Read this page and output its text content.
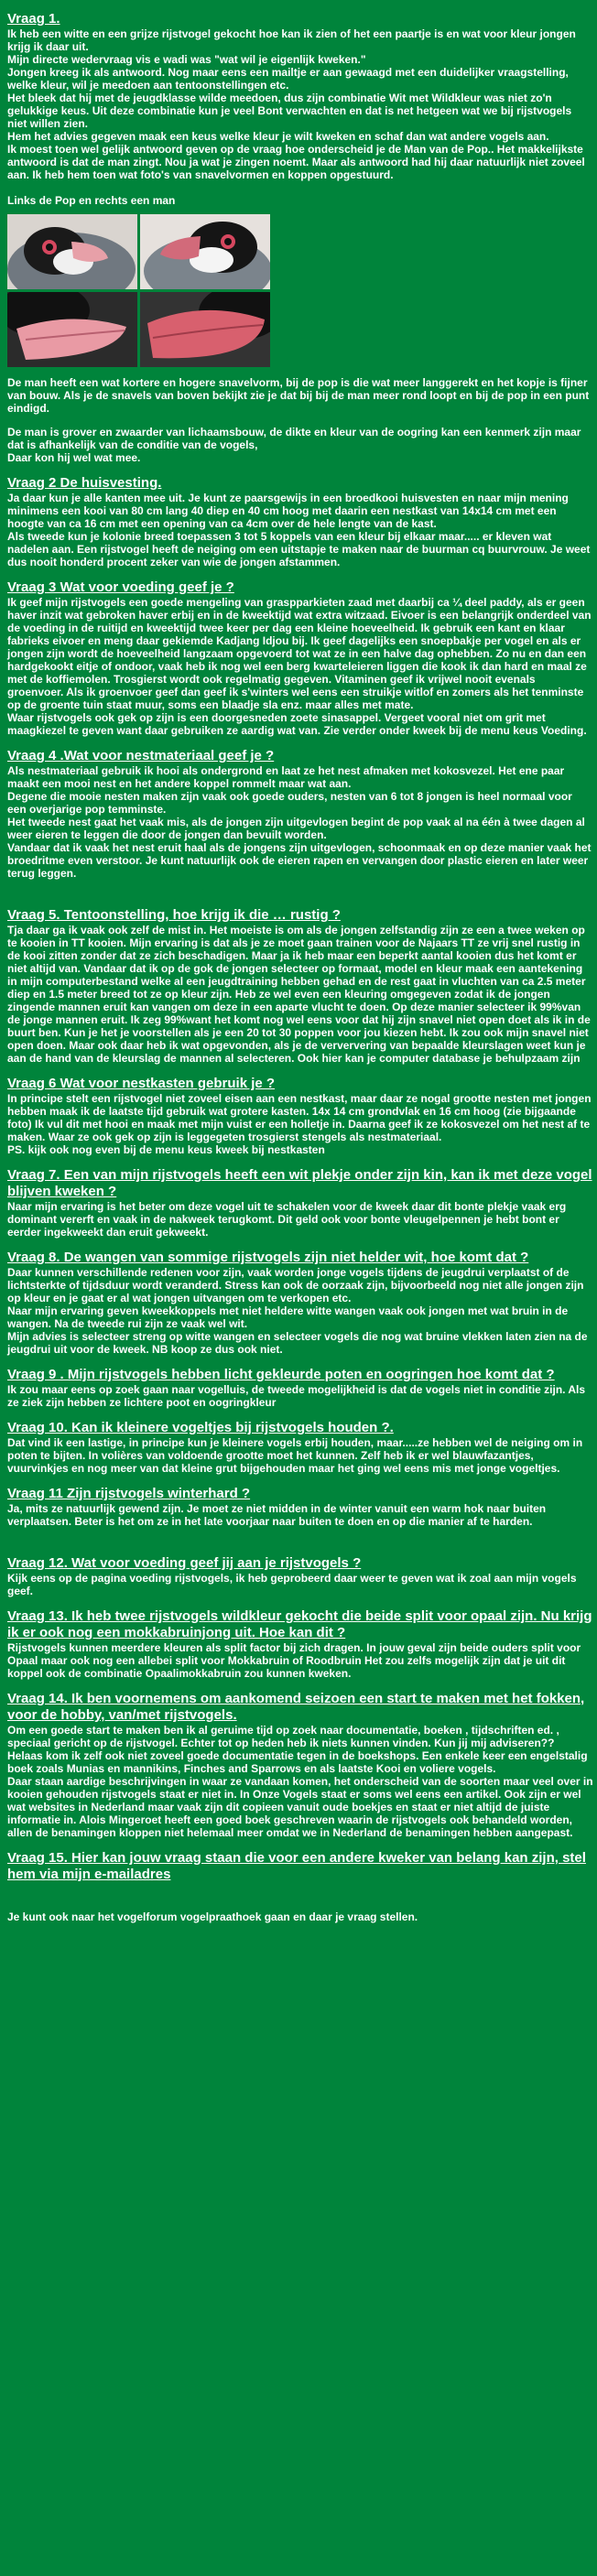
Vraag 1.

Ik heb een witte en een grijze rijstvogel gekocht hoe kan ik zien of het een paartje is en wat voor kleur jongen krijg ik daar uit.
Mijn directe wedervraag vis e wadi was "wat wil je eigenlijk kweken."
Jongen kreeg ik als antwoord. Nog maar eens een mailtje er aan gewaagd met een duidelijker vraagstelling, welke kleur, wil je meedoen aan tentoonstellingen etc.
Het bleek dat hij met de jeugdklasse wilde meedoen, dus zijn combinatie Wit met Wildkleur was niet zo'n gelukkige keus. Uit deze combinatie kun je veel Bont verwachten en dat is net hetgeen wat we bij rijstvogels niet willen zien.
Hem het advies gegeven maak een keus welke kleur je wilt kweken en schaf dan wat andere vogels aan.
Ik moest toen wel gelijk antwoord geven op de vraag hoe onderscheid je de Man van de Pop.. Het makkelijkste antwoord is dat de man zingt. Nou ja wat je zingen noemt. Maar als antwoord had hij daar natuurlijk niet zoveel aan. Ik heb hem toen wat foto's van snavelvormen en koppen opgestuurd.

Links de Pop en rechts een man

De man heeft een wat kortere en hogere snavelvorm, bij de pop is die wat meer langgerekt en het kopje is fijner van bouw. Als je de snavels van boven bekijkt zie je dat bij bij de man meer rond loopt en bij de pop in een punt eindigd.

De man is grover en zwaarder van lichaamsbouw, de dikte en kleur van de oogring kan een kenmerk zijn maar dat is afhankelijk van de conditie van de vogels,
Daar kon hij wel wat mee.

Vraag 2 De huisvesting.

Ja daar kun je alle kanten mee uit. Je kunt ze paarsgewijs in een broedkooi huisvesten en naar mijn mening minimens een kooi van 80 cm lang 40 diep en 40 cm hoog met daarin een nestkast van 14x14 cm met een hoogte van ca 16 cm met een opening van ca 4cm over de hele lengte van de kast.
Als tweede kun je kolonie breed toepassen 3 tot 5 koppels van een kleur bij elkaar maar..... er kleven wat nadelen aan. Een rijstvogel heeft de neiging om een uitstapje te maken naar de buurman cq buurvrouw. Je weet dus nooit honderd procent zeker van wie de jongen afstammen.

Vraag 3 Wat voor voeding geef je ?

Ik geef mijn rijstvogels een goede mengeling van graspparkieten zaad met daarbij ca ¼ deel paddy, als er geen haver inzit wat gebroken haver erbij en in de kweektijd wat extra witzaad. Eivoer is een belangrijk onderdeel van de voeding in de ruitijd en kweektijd twee keer per dag een kleine hoeveelheid. Ik gebruik een kant en klaar fabrieks eivoer en meng daar gekiemde Kadjang Idjou bij. Ik geef dagelijks een snoepbakje per vogel en als er jongen zijn wordt de hoeveelheid langzaam opgevoerd tot wat ze in een halve dag ophebben. Zo nu en dan een hardgekookt eitje of ondoor, vaak heb ik nog wel een berg kwarteleieren liggen die kook ik dan hard en maal ze met de koffiemolen. Trosgierst wordt ook regelmatig gegeven. Vitaminen geef ik vrijwel nooit evenals groenvoer. Als ik groenvoer geef dan geef ik s'winters wel eens een struikje witlof en zomers als het tenminste op de groente tuin staat muur, soms een blaadje sla enz. maar alles met mate.
Waar rijstvogels ook gek op zijn is een doorgesneden zoete sinasappel. Vergeet vooral niet om grit met maagkiezel te geven want daar gebruiken ze aardig wat van. Zie verder onder kweek bij de menu keus Voeding.

Vraag 4 .Wat voor nestmateriaal geef je ?

Als nestmateriaal gebruik ik hooi als ondergrond en laat ze het nest afmaken met kokosvezel. Het ene paar maakt een mooi nest en het andere koppel rommelt maar wat aan.
Degene die mooie nesten maken zijn vaak ook goede ouders, nesten van 6 tot 8 jongen is heel normaal voor een overjarige pop temminste.
Het tweede nest gaat het vaak mis, als de jongen zijn uitgevlogen begint de pop vaak al na één à twee dagen al weer eieren te leggen die door de jongen dan bevuilt worden.
Vandaar dat ik vaak het nest eruit haal als de jongens zijn uitgevlogen, schoonmaak en op deze manier vaak het broedritme even verstoor. Je kunt natuurlijk ook de eieren rapen en vervangen door plastic eieren en later weer terug leggen.

Vraag 5. Tentoonstelling, hoe krijg ik die … rustig ?

Tja daar ga ik vaak ook zelf de mist in. Het moeiste is om als de jongen zelfstandig zijn ze een a twee weken op te kooien in TT kooien. Mijn ervaring is dat als je ze moet gaan trainen voor de Najaars TT ze vrij snel rustig in de kooi zitten zonder dat ze zich beschadigen. Maar ja ik heb maar een beperkt aantal kooien dus het komt er niet altijd van. Vandaar dat ik op de gok de jongen selecteer op formaat, model en kleur maak een aantekening in mijn computerbestand welke al een jeugdtraining hebben gehad en de rest gaat in vluchten van ca 2.5 meter diep en 1.5 meter breed tot ze op kleur zijn. Heb ze wel even een kleuring omgegeven zodat ik de jongen zingende mannen eruit kan vangen om deze in een aparte vlucht te doen. Op deze manier selecteer ik 99%van de jonge mannen eruit. Ik zeg 99%want het komt nog wel eens voor dat hij zijn snavel niet open doet als ik in de buurt ben. Kun je het je voorstellen als je een 20 tot 30 poppen voor jou kiezen hebt. Ik zou ook mijn snavel niet open doen. Maar ook daar heb ik wat opgevonden, als je de verververing van bepaalde kleurslagen weet kun je aan de hand van de kleurslag de mannen al selecteren. Ook hier kan je computer database je behulpzaam zijn

Vraag 6 Wat voor nestkasten gebruik je ?

In principe stelt een rijstvogel niet zoveel eisen aan een nestkast, maar daar ze nogal grootte nesten met jongen hebben maak ik de laatste tijd gebruik wat grotere kasten. 14x 14 cm grondvlak en 16 cm hoog (zie bijgaande foto) Ik vul dit met hooi en maak met mijn vuist er een holletje in. Daarna geef ik ze kokosvezel om het nest af te maken. Waar ze ook gek op zijn is leggegeten trosgierst stengels als nestmateriaal.
PS. kijk ook nog even bij de menu keus kweek bij nestkasten

Vraag 7. Een van mijn rijstvogels heeft een wit plekje onder zijn kin, kan ik met deze vogel blijven kweken ?

Naar mijn ervaring is het beter om deze vogel uit te schakelen voor de kweek daar dit bonte plekje vaak erg dominant vererft en vaak in de nakweek terugkomt. Dit geld ook voor bonte vleugelpennen je hebt bont er eerder ingekweekt dan eruit gekweekt.

Vraag 8. De wangen van sommige rijstvogels zijn niet helder wit, hoe komt dat ?

Daar kunnen verschillende redenen voor zijn, vaak worden jonge vogels tijdens de jeugdrui verplaatst of de lichtsterkte of tijdsduur wordt veranderd. Stress kan ook de oorzaak zijn, bijvoorbeeld nog niet alle jongen zijn op kleur en je gaat er al wat jongen uitvangen om te verkopen etc.
Naar mijn ervaring geven kweekkoppels met niet heldere witte wangen vaak ook jongen met wat bruin in de wangen. Na de tweede rui zijn ze vaak wel wit.
Mijn advies is selecteer streng op witte wangen en selecteer vogels die nog wat bruine vlekken laten zien na de jeugdrui uit voor de kweek. NB koop ze dus ook niet.

Vraag 9 . Mijn rijstvogels hebben licht gekleurde poten en oogringen hoe komt dat ?

Ik zou maar eens op zoek gaan naar vogelluis, de tweede mogelijkheid is dat de vogels niet in conditie zijn. Als ze ziek zijn hebben ze lichtere poot en oogringkleur

Vraag 10. Kan ik kleinere vogeltjes bij rijstvogels houden ?.

Dat vind ik een lastige, in principe kun je kleinere vogels erbij houden, maar.....ze hebben wel de neiging om in poten te bijten. In volières van voldoende grootte moet het kunnen. Zelf heb ik er wel blauwfazantjes, vuurvinkjes en nog meer van dat kleine grut bijgehouden maar het ging wel eens mis met jonge vogeltjes.

Vraag 11 Zijn rijstvogels winterhard ?

Ja, mits ze natuurlijk gewend zijn. Je moet ze niet midden in de winter vanuit een warm hok naar buiten verplaatsen. Beter is het om ze in het late voorjaar naar buiten te doen en op die manier af te harden.

Vraag 12. Wat voor voeding geef jij aan je rijstvogels ?

Kijk eens op de pagina voeding rijstvogels, ik heb geprobeerd daar weer te geven wat ik zoal aan mijn vogels geef.

Vraag 13. Ik heb twee rijstvogels wildkleur gekocht die beide split voor opaal zijn. Nu krijg ik er ook nog een mokkabruinjong uit. Hoe kan dit ?

Rijstvogels kunnen meerdere kleuren als split factor bij zich dragen. In jouw geval zijn beide ouders split voor Opaal maar ook nog een allebei split voor Mokkabruin of Roodbruin Het zou zelfs mogelijk zijn dat je uit dit koppel ook de combinatie Opaalimokkabruin zou kunnen kweken.

Vraag 14. Ik ben voornemens om aankomend seizoen een start te maken met het fokken, voor de hobby, van/met rijstvogels.

Om een goede start te maken ben ik al geruime tijd op zoek naar documentatie, boeken , tijdschriften ed. , speciaal gericht op de rijstvogel. Echter tot op heden heb ik niets kunnen vinden. Kun jij mij adviseren??
Helaas kom ik zelf ook niet zoveel goede documentatie tegen in de boekshops. Een enkele keer een engelstalig boek zoals Munias en mannikins, Finches and Sparrows en als laatste Kooi en voliere vogels.
Daar staan aardige beschrijvingen in waar ze vandaan komen, het onderscheid van de soorten maar veel over in kooien gehouden rijstvogels staat er niet in. In Onze Vogels staat er soms wel eens een artikel. Ook zijn er wel wat websites in Nederland maar vaak zijn dit copieen vanuit oude boekjes en staat er niet altijd de juiste informatie in. Alois Mingeroet heeft een goed boek geschreven waarin de rijstvogels ook behandeld worden, allen de benamingen kloppen niet helemaal meer omdat we in Nederland de benamingen hebben aangepast.

Vraag 15. Hier kan jouw vraag staan die voor een andere kweker van belang kan zijn, stel hem via mijn e-mailadres

Je kunt ook naar het vogelforum vogelpraathoek gaan en daar je vraag stellen.
